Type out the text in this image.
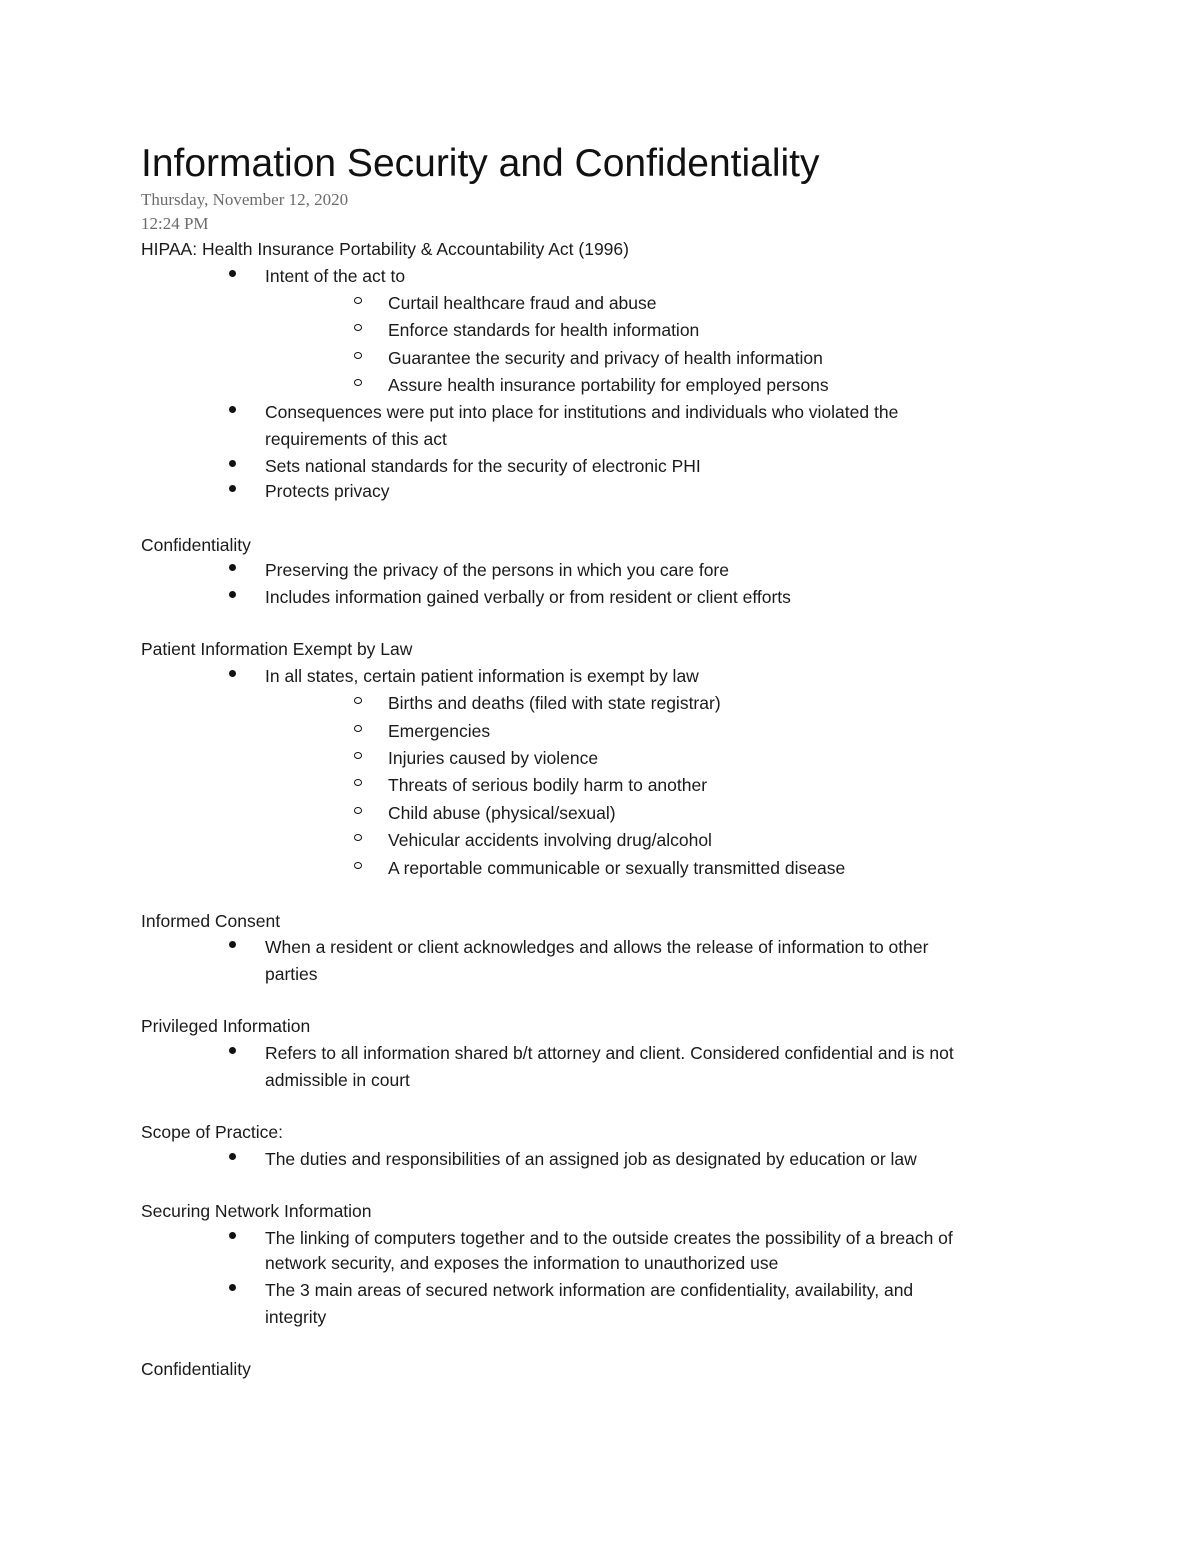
Information Security and Confidentiality
Thursday, November 12, 2020
12:24 PM
HIPAA: Health Insurance Portability & Accountability Act (1996)
Intent of the act to
Curtail healthcare fraud and abuse
Enforce standards for health information
Guarantee the security and privacy of health information
Assure health insurance portability for employed persons
Consequences were put into place for institutions and individuals who violated the
requirements of this act
Sets national standards for the security of electronic PHI
Protects privacy
Confidentiality
Preserving the privacy of the persons in which you care fore
Includes information gained verbally or from resident or client efforts
Patient Information Exempt by Law
In all states, certain patient information is exempt by law
Births and deaths (filed with state registrar)
Emergencies
Injuries caused by violence
Threats of serious bodily harm to another
Child abuse (physical/sexual)
Vehicular accidents involving drug/alcohol
A reportable communicable or sexually transmitted disease
Informed Consent
When a resident or client acknowledges and allows the release of information to other
parties
Privileged Information
Refers to all information shared b/t attorney and client. Considered confidential and is not
admissible in court
Scope of Practice:
The duties and responsibilities of an assigned job as designated by education or law
Securing Network Information
The linking of computers together and to the outside creates the possibility of a breach of
network security, and exposes the information to unauthorized use
The 3 main areas of secured network information are confidentiality, availability, and
integrity
Confidentiality
